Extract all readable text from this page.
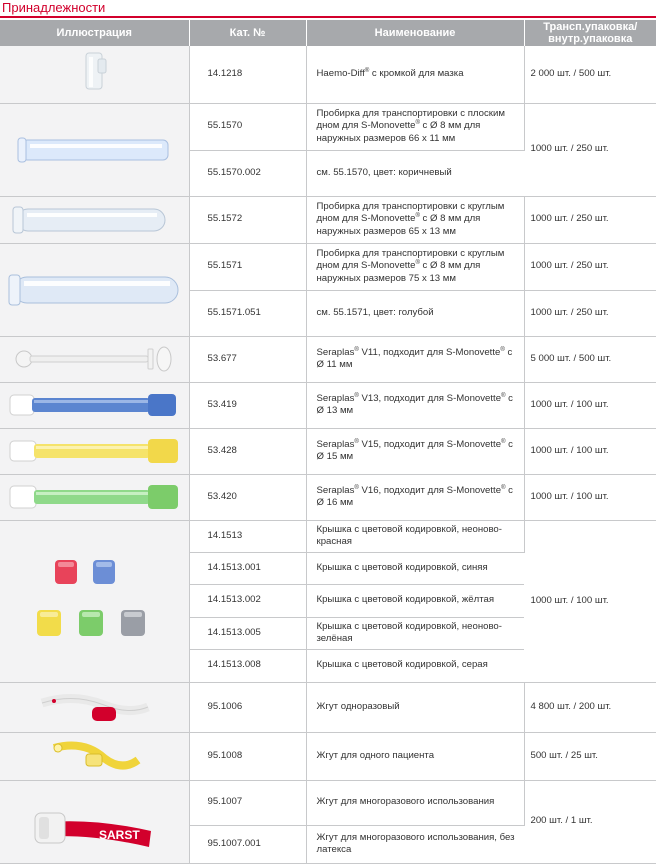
Принадлежности
Иллюстрация	Кат. №	Наименование	Трансп.упаковка/ внутр.упаковка

	14.1218	Haemo-Diff® с кромкой для мазка	2 000 шт. / 500 шт.

	55.1570	Пробирка для транспортировки с плоским дном для S-Monovette® с Ø 8 мм для наружных размеров 66 x 11 мм	1000 шт. / 250 шт.
	55.1570.002	см. 55.1570, цвет: коричневый	

	55.1572	Пробирка для транспортировки с круглым дном для S-Monovette® с Ø 8 мм для наружных размеров 65 x 13 мм	1000 шт. / 250 шт.

	55.1571	Пробирка для транспортировки с круглым дном для S-Monovette® с Ø 8 мм для наружных размеров 75 x 13 мм	1000 шт. / 250 шт.
	55.1571.051	см. 55.1571, цвет: голубой	1000 шт. / 250 шт.

	53.677	Seraplas® V11, подходит для S-Monovette® с Ø 11 мм	5 000 шт. / 500 шт.

	53.419	Seraplas® V13, подходит для S-Monovette® с Ø 13 мм	1000 шт. / 100 шт.

	53.428	Seraplas® V15, подходит для S-Monovette® с Ø 15 мм	1000 шт. / 100 шт.

	53.420	Seraplas® V16, подходит для S-Monovette® с Ø 16 мм	1000 шт. / 100 шт.

	14.1513	Крышка с цветовой кодировкой, неоново-красная	1000 шт. / 100 шт.
	14.1513.001	Крышка с цветовой кодировкой, синяя	
	14.1513.002	Крышка с цветовой кодировкой, жёлтая	
	14.1513.005	Крышка с цветовой кодировкой, неоново-зелёная	
	14.1513.008	Крышка с цветовой кодировкой, серая	

	95.1006	Жгут одноразовый	4 800 шт. / 200 шт.

	95.1008	Жгут для одного пациента	500 шт. / 25 шт.

SARST	95.1007	Жгут для многоразового использования	200 шт. / 1 шт.
	95.1007.001	Жгут для многоразового использования, без латекса	
